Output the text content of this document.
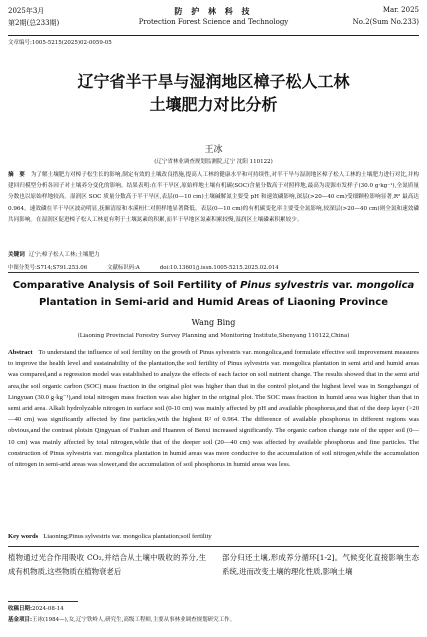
2025年3月
第2期(总233期)
防 护 林 科 技
Protection Forest Science and Technology
Mar. 2025
No.2(Sum No.233)
文章编号:1005-5215(2025)02-0059-05
辽宁省半干旱与湿润地区樟子松人工林
土壤肥力对比分析
王冰
(辽宁省林业调查规划监测院,辽宁 沈阳 110122)
摘　要 为了解土壤肥力对樟子松生长的影响,制定有效的土壤改良措施,提高人工林的健康水平和可持续性,对半干旱与湿润地区樟子松人工林的土壤肥力进行对比,并构建回归模型分析各因子对土壤养分变化的影响。结果表明:在半干旱区,原始样地土壤有机碳(SOC)含量分数高于对照样地,最高为凌源市发样子(30.0 g·kg⁻¹),全氮质量分数也以原始样地较高。湿润区 SOC 质量分数高于半干旱区,表层(0—10 cm)土壤碱解氮主要受 pH 和速效磷影响,深层(>20—40 cm)受细颗粒影响显著,R² 最高达 0.964。速效磷在半干旱区波动明显,抚顺清原和本溪桓仁对照样地显著降低。表层(0—10 cm)的有机碳变化率主要受全氮影响,较深层(>20—40 cm)则全氮和速效磷共同影响。在湿润区促进樟子松人工林更有利于土壤氮素的积累,而半干旱地区氮素积累较慢,湿润区土壤磷素积累较少。
关键词 辽宁;樟子松人工林;土壤肥力
中图分类号:S714;S791.253.06	文献标识码:A	doi:10.13601/j.issn.1005-5215.2025.02.014
Comparative Analysis of Soil Fertility of Pinus sylvestris var. mongolica
Plantation in Semi-arid and Humid Areas of Liaoning Province
Wang Bing
(Liaoning Provincial Forestry Survey Planning and Monitoring Institute,Shenyang 110122,China)
Abstract To understand the influence of soil fertility on the growth of Pinus sylvestris var. mongolica,and formulate effective soil improvement measures to improve the health level and sustainability of the plantation,the soil fertility of Pinus sylvestris var. mongolica plantation in semi arid and humid areas was compared,and a regression model was established to analyze the effects of each factor on soil nutrient change. The results showed that in the semi arid area,the soil organic carbon (SOC) mass fraction in the original plot was higher than that in the control plot,and the highest level was in Songzhangzi of Lingyuan (30.0 g·kg⁻¹),and total nitrogen mass fraction was also higher in the original plot. The SOC mass fraction in humid area was higher than that in semi arid area. Alkali hydrolyzable nitrogen in surface soil (0-10 cm) was mainly affected by pH and available phosphorus,and that of the deep layer (>20—40 cm) was significantly affected by fine particles,with the highest R² of 0.964. The difference of available phosphorus in different regions was obvious,and the contrast plotsin Qingyuan of Fushun and Huanren of Benxi increased significantly. The organic carbon change rate of the upper soil (0—10 cm) was mainly affected by total nitrogen,while that of the deeper soil (20—40 cm) was affected by available phosphorus and fine particles. The construction of Pinus sylvestris var. mongolica plantation in humid areas was more conducive to the accumulation of soil nitrogen,while the accumulation of nitrogen in semi-arid areas was slower,and the accumulation of soil phosphorus in humid areas was less.
Key words Liaoning;Pinus sylvestris var. mongolica plantation;soil fertility
植物通过光合作用吸收 CO₂,并结合从土壤中吸收的养分,生成有机物质,这些物质在植物衰老后
部分归还土壤,形成养分循环[1-2]。气候变化直接影响生态系统,进而改变土壤的理化性质,影响土壤
收稿日期:2024-08-14
基金项目:王冰(1984—),女,辽宁铁岭人,研究生,高级工程师,主要从事林业调查规划研究工作。
